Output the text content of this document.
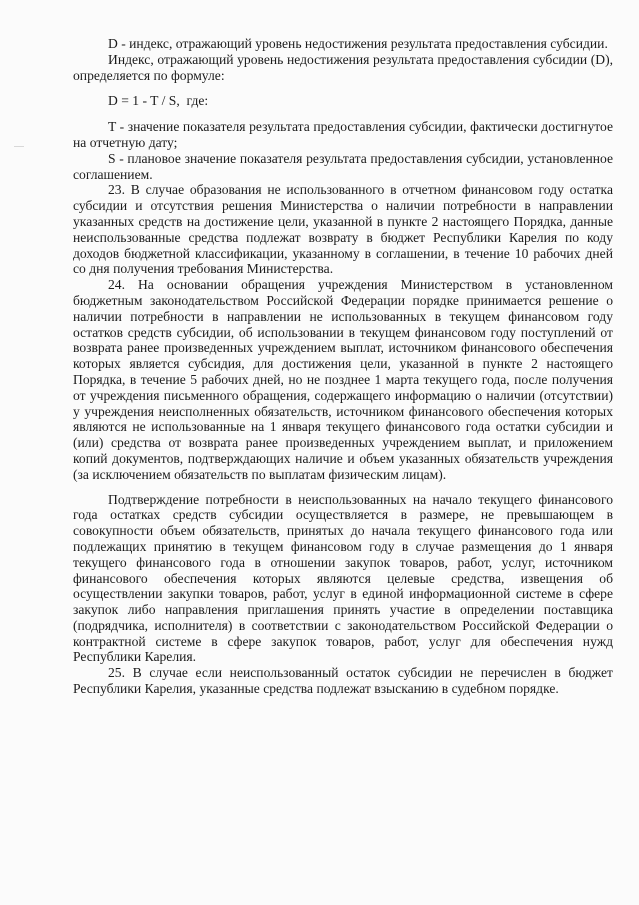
D - индекс, отражающий уровень недостижения результата предоставления субсидии.

Индекс, отражающий уровень недостижения результата предоставления субсидии (D), определяется по формуле:

D = 1 - T / S,  где:

T - значение показателя результата предоставления субсидии, фактически достигнутое на отчетную дату;

S - плановое значение показателя результата предоставления субсидии, установленное соглашением.

23. В случае образования не использованного в отчетном финансовом году остатка субсидии и отсутствия решения Министерства о наличии потребности в направлении указанных средств на достижение цели, указанной в пункте 2 настоящего Порядка, данные неиспользованные средства подлежат возврату в бюджет Республики Карелия по коду доходов бюджетной классификации, указанному в соглашении, в течение 10 рабочих дней со дня получения требования Министерства.

24. На основании обращения учреждения Министерством в установленном бюджетным законодательством Российской Федерации порядке принимается решение о наличии потребности в направлении не использованных в текущем финансовом году остатков средств субсидии, об использовании в текущем финансовом году поступлений от возврата ранее произведенных учреждением выплат, источником финансового обеспечения которых является субсидия, для достижения цели, указанной в пункте 2 настоящего Порядка, в течение 5 рабочих дней, но не позднее 1 марта текущего года, после получения от учреждения письменного обращения, содержащего информацию о наличии (отсутствии) у учреждения неисполненных обязательств, источником финансового обеспечения которых являются не использованные на 1 января текущего финансового года остатки субсидии и (или) средства от возврата ранее произведенных учреждением выплат, и приложением копий документов, подтверждающих наличие и объем указанных обязательств учреждения (за исключением обязательств по выплатам физическим лицам).

Подтверждение потребности в неиспользованных на начало текущего финансового года остатках средств субсидии осуществляется в размере, не превышающем в совокупности объем обязательств, принятых до начала текущего финансового года или подлежащих принятию в текущем финансовом году в случае размещения до 1 января текущего финансового года в отношении закупок товаров, работ, услуг, источником финансового обеспечения которых являются целевые средства, извещения об осуществлении закупки товаров, работ, услуг в единой информационной системе в сфере закупок либо направления приглашения принять участие в определении поставщика (подрядчика, исполнителя) в соответствии с законодательством Российской Федерации о контрактной системе в сфере закупок товаров, работ, услуг для обеспечения нужд Республики Карелия.

25. В случае если неиспользованный остаток субсидии не перечислен в бюджет Республики Карелия, указанные средства подлежат взысканию в судебном порядке.
